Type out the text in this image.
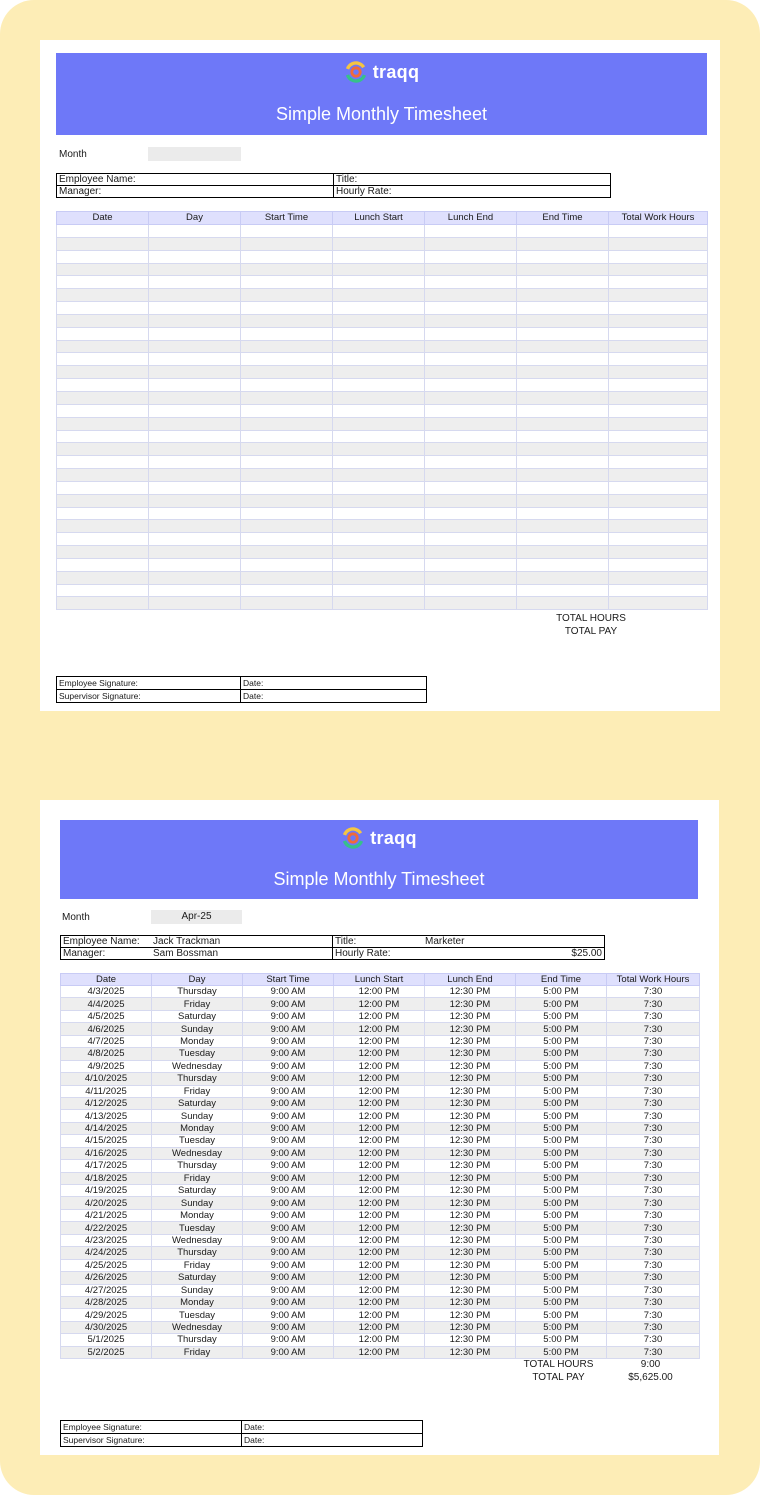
traqq
Simple Monthly Timesheet
Month
Employee Name:	Title:
Manager:	Hourly Rate:
Date	Day	Start Time	Lunch Start	Lunch End	End Time	Total Work Hours

TOTAL HOURS
TOTAL PAY
Employee Signature:	Date:
Supervisor Signature:	Date:
traqq
Simple Monthly Timesheet
Month	Apr-25
Employee Name: Jack Trackman	Title: Marketer
Manager: Sam Bossman	Hourly Rate: $25.00
Date	Day	Start Time	Lunch Start	Lunch End	End Time	Total Work Hours
4/3/2025	Thursday	9:00 AM	12:00 PM	12:30 PM	5:00 PM	7:30
4/4/2025	Friday	9:00 AM	12:00 PM	12:30 PM	5:00 PM	7:30
4/5/2025	Saturday	9:00 AM	12:00 PM	12:30 PM	5:00 PM	7:30
4/6/2025	Sunday	9:00 AM	12:00 PM	12:30 PM	5:00 PM	7:30
4/7/2025	Monday	9:00 AM	12:00 PM	12:30 PM	5:00 PM	7:30
4/8/2025	Tuesday	9:00 AM	12:00 PM	12:30 PM	5:00 PM	7:30
4/9/2025	Wednesday	9:00 AM	12:00 PM	12:30 PM	5:00 PM	7:30
4/10/2025	Thursday	9:00 AM	12:00 PM	12:30 PM	5:00 PM	7:30
4/11/2025	Friday	9:00 AM	12:00 PM	12:30 PM	5:00 PM	7:30
4/12/2025	Saturday	9:00 AM	12:00 PM	12:30 PM	5:00 PM	7:30
4/13/2025	Sunday	9:00 AM	12:00 PM	12:30 PM	5:00 PM	7:30
4/14/2025	Monday	9:00 AM	12:00 PM	12:30 PM	5:00 PM	7:30
4/15/2025	Tuesday	9:00 AM	12:00 PM	12:30 PM	5:00 PM	7:30
4/16/2025	Wednesday	9:00 AM	12:00 PM	12:30 PM	5:00 PM	7:30
4/17/2025	Thursday	9:00 AM	12:00 PM	12:30 PM	5:00 PM	7:30
4/18/2025	Friday	9:00 AM	12:00 PM	12:30 PM	5:00 PM	7:30
4/19/2025	Saturday	9:00 AM	12:00 PM	12:30 PM	5:00 PM	7:30
4/20/2025	Sunday	9:00 AM	12:00 PM	12:30 PM	5:00 PM	7:30
4/21/2025	Monday	9:00 AM	12:00 PM	12:30 PM	5:00 PM	7:30
4/22/2025	Tuesday	9:00 AM	12:00 PM	12:30 PM	5:00 PM	7:30
4/23/2025	Wednesday	9:00 AM	12:00 PM	12:30 PM	5:00 PM	7:30
4/24/2025	Thursday	9:00 AM	12:00 PM	12:30 PM	5:00 PM	7:30
4/25/2025	Friday	9:00 AM	12:00 PM	12:30 PM	5:00 PM	7:30
4/26/2025	Saturday	9:00 AM	12:00 PM	12:30 PM	5:00 PM	7:30
4/27/2025	Sunday	9:00 AM	12:00 PM	12:30 PM	5:00 PM	7:30
4/28/2025	Monday	9:00 AM	12:00 PM	12:30 PM	5:00 PM	7:30
4/29/2025	Tuesday	9:00 AM	12:00 PM	12:30 PM	5:00 PM	7:30
4/30/2025	Wednesday	9:00 AM	12:00 PM	12:30 PM	5:00 PM	7:30
5/1/2025	Thursday	9:00 AM	12:00 PM	12:30 PM	5:00 PM	7:30
5/2/2025	Friday	9:00 AM	12:00 PM	12:30 PM	5:00 PM	7:30
TOTAL HOURS	9:00
TOTAL PAY	$5,625.00
Employee Signature:	Date:
Supervisor Signature:	Date:
